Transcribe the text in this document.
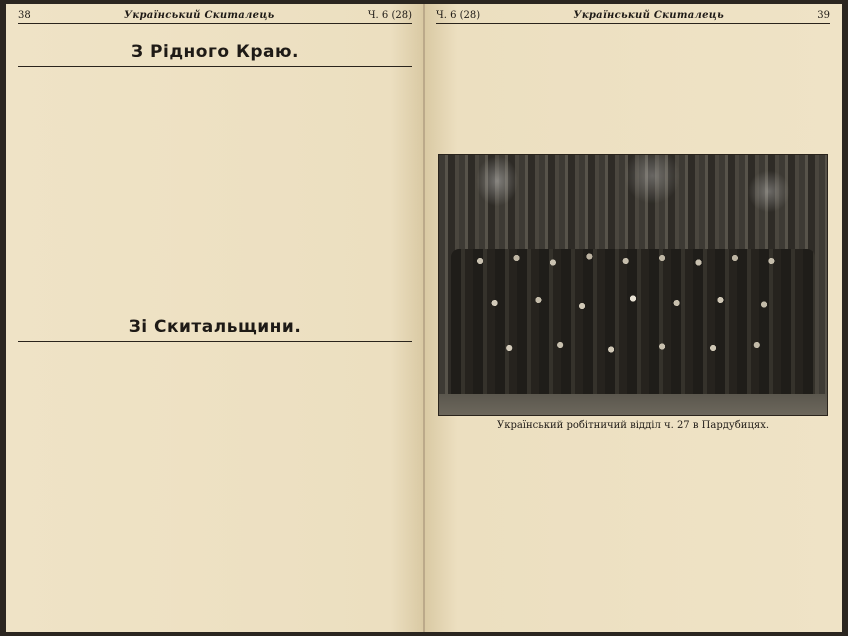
38	Український Скиталець	Ч. 6 (28)
З Рідного Краю.
Зі Скитальщини.
Ч. 6 (28)	Український Скиталець	39
Український робітничий відділ ч. 27 в Пардубицях.
